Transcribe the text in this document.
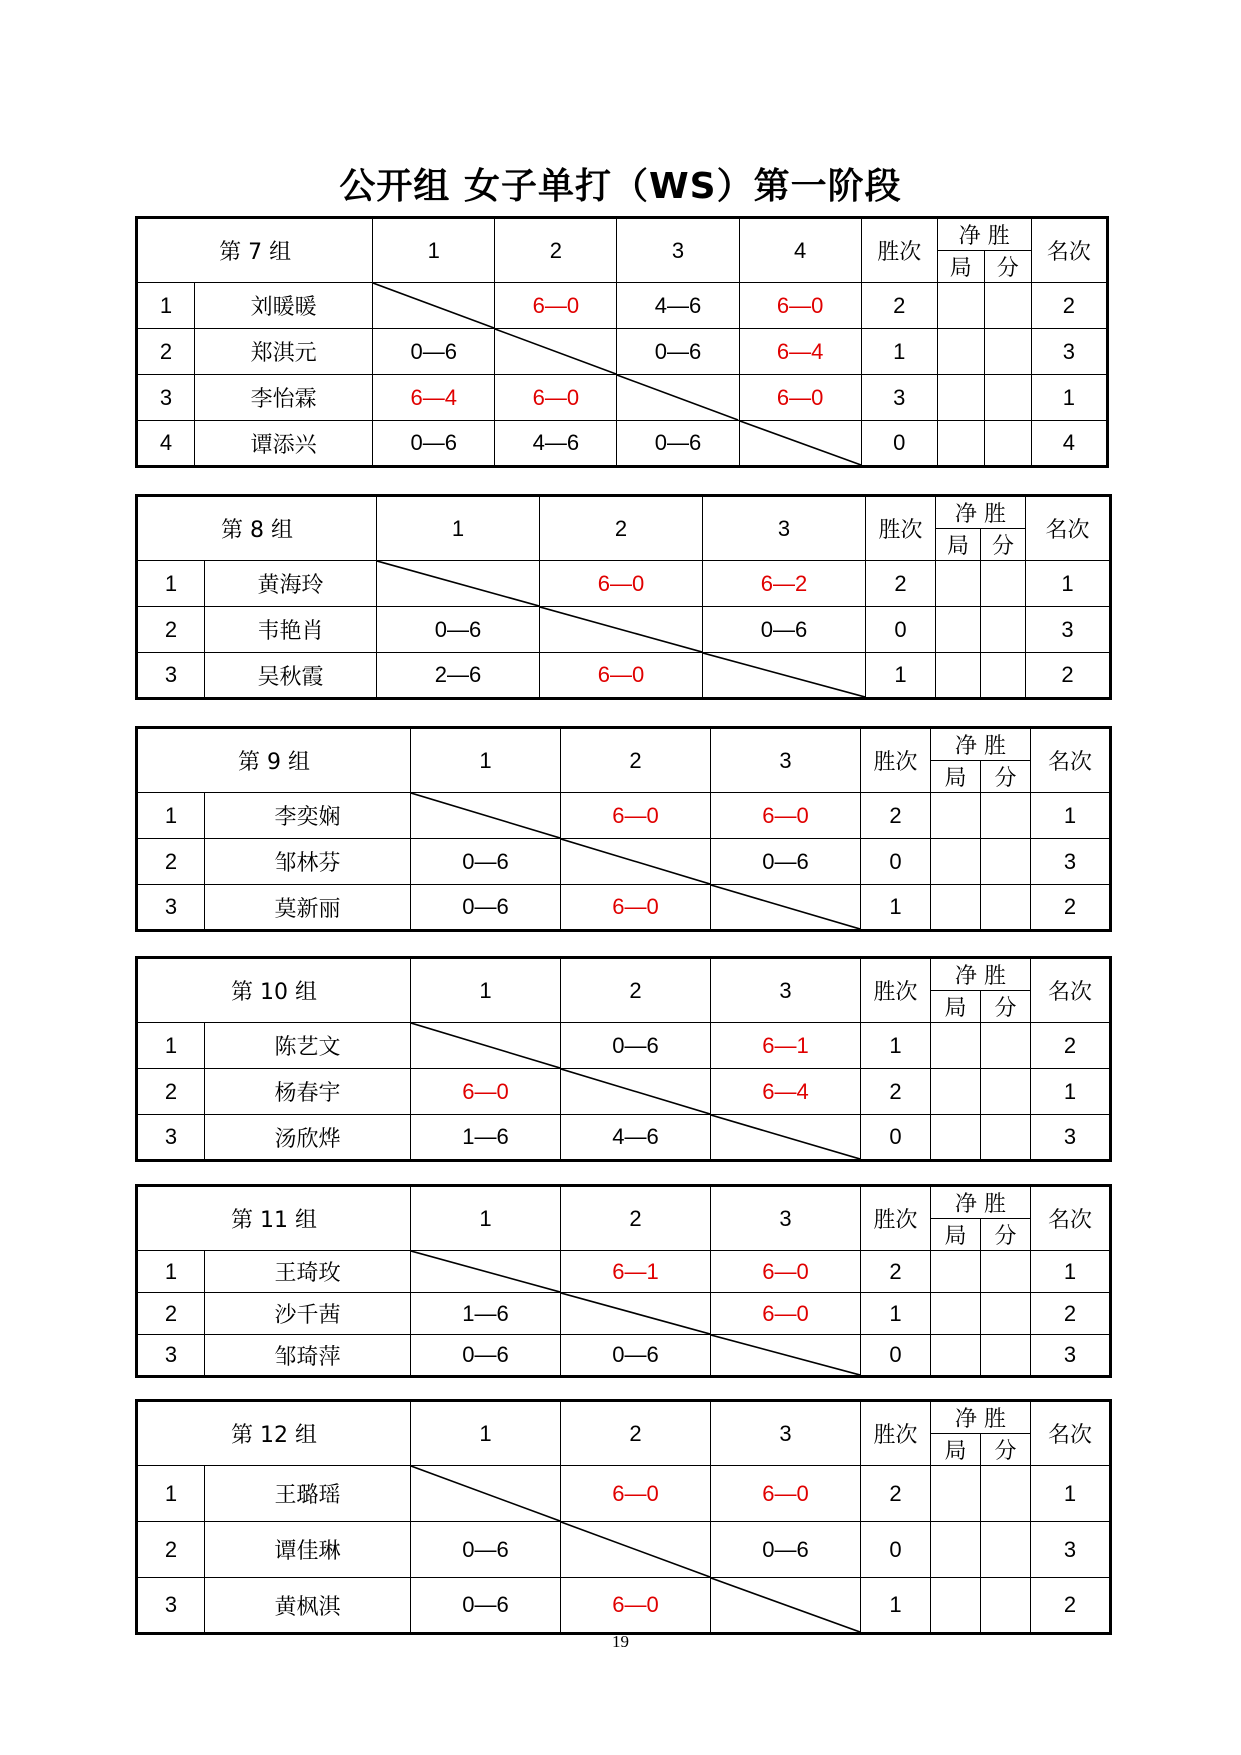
公开组 女子单打（WS）第一阶段
第 7 组	1	2	3	4	胜次	
净 胜
局	分
	名次
1	刘暖暖		6—0	4—6	6—0	2			2
2	郑淇元	0—6		0—6	6—4	1			3
3	李怡霖	6—4	6—0		6—0	3			1
4	谭添兴	0—6	4—6	0—6		0			4
第 8 组	1	2	3	胜次	
净 胜
局	分
	名次
1	黄海玲		6—0	6—2	2			1
2	韦艳肖	0—6		0—6	0			3
3	吴秋霞	2—6	6—0		1			2
第 9 组	1	2	3	胜次	
净 胜
局	分
	名次
1	李奕娴		6—0	6—0	2			1
2	邹林芬	0—6		0—6	0			3
3	莫新丽	0—6	6—0		1			2
第 10 组	1	2	3	胜次	
净 胜
局	分
	名次
1	陈艺文		0—6	6—1	1			2
2	杨春宇	6—0		6—4	2			1
3	汤欣烨	1—6	4—6		0			3
第 11 组	1	2	3	胜次	
净 胜
局	分
	名次
1	王琦玫		6—1	6—0	2			1
2	沙千茜	1—6		6—0	1			2
3	邹琦萍	0—6	0—6		0			3
第 12 组	1	2	3	胜次	
净 胜
局	分
	名次
1	王璐瑶		6—0	6—0	2			1
2	谭佳琳	0—6		0—6	0			3
3	黄枫淇	0—6	6—0		1			2
19
